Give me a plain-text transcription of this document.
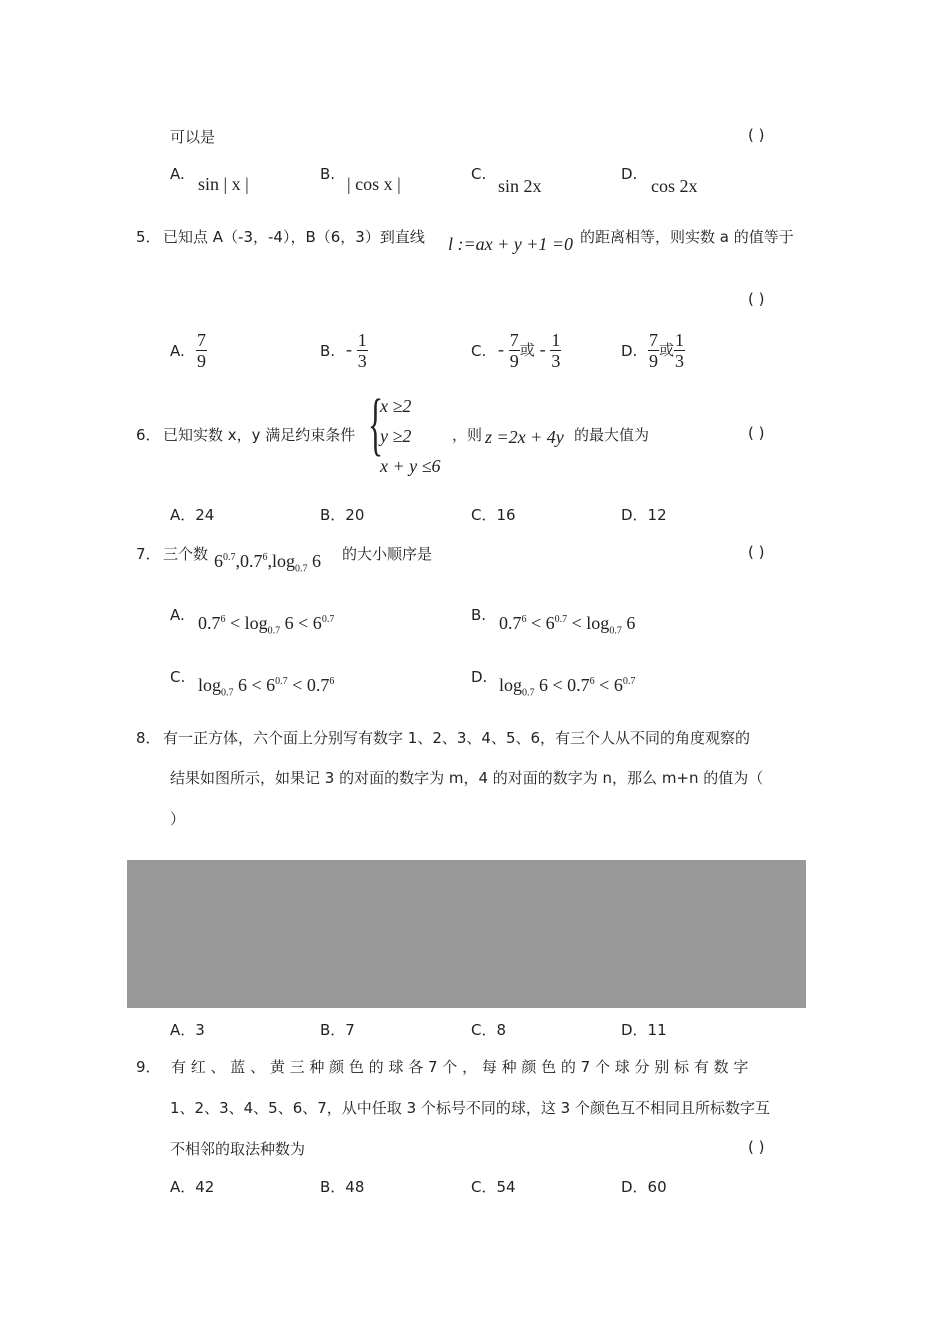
可以是	( )
A. sin | x |	B. | cos x |	C.
sin 2x
D.
cos 2x
5． 已知点 A（-3，-4），B（6，3）到直线 l :=ax + y +1 =0 的距离相等，则实数 a 的值等于
( )
A. $\frac{7}{9}$	B. - $\frac{1}{3}$	C. - $\frac{7}{9}$ 或 - $\frac{1}{3}$	D. $\frac{7}{9}$ 或 $\frac{1}{3}$
6． 已知实数 x，y 满足约束条件 {
x ≥2
y ≥2
x + y ≤6
，则 z =2x + 4y 的最大值为	( )
A．24	B．20	C．16	D．12
7． 三个数 $6^{0.7},0.7^6,\log_{0.7}$ 6 的大小顺序是	( )
A. $0.7^6 < \log_{0.7} 6 < 6^{0.7}$	B. $0.7^6 < 6^{0.7} < \log_{0.7} 6$
C. $\log_{0.7} 6 < 6^{0.7} < 0.7^6$	D. $\log_{0.7} 6 < 0.7^6 < 6^{0.7}$
8． 有一正方体，六个面上分别写有数字 1、2、3、4、5、6，有三个人从不同的角度观察的
结果如图所示，如果记 3 的对面的数字为 m，4 的对面的数字为 n，那么 m+n 的值为（
）
A．3	B．7	C．8	D．11
9． 有 红 、 蓝 、 黄 三 种 颜 色 的 球 各 7 个 ， 每 种 颜 色 的 7 个 球 分 别 标 有 数 字
1、2、3、4、5、6、7，从中任取 3 个标号不同的球，这 3 个颜色互不相同且所标数字互
不相邻的取法种数为	( )
A．42	B．48	C．54	D．60
